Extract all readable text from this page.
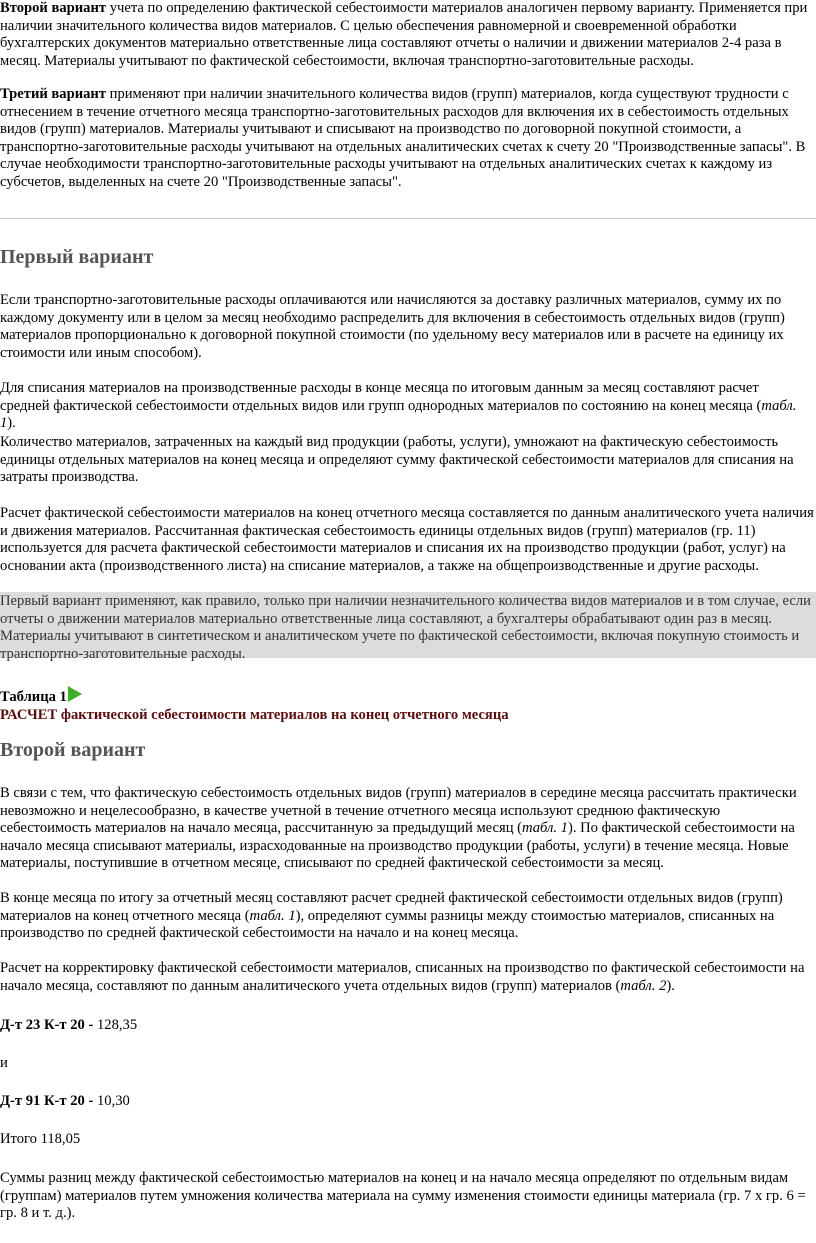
Второй вариант учета по определению фактической себестоимости материалов аналогичен первому варианту. Применяется при наличии значительного количества видов материалов. С целью обеспечения равномерной и своевременной обработки бухгалтерских документов материально ответственные лица составляют отчеты о наличии и движении материалов 2-4 раза в месяц. Материалы учитывают по фактической себестоимости, включая транспортно-заготовительные расходы.

Третий вариант применяют при наличии значительного количества видов (групп) материалов, когда существуют трудности с отнесением в течение отчетного месяца транспортно-заготовительных расходов для включения их в себестоимость отдельных видов (групп) материалов. Материалы учитывают и списывают на производство по договорной покупной стоимости, а транспортно-заготовительные расходы учитывают на отдельных аналитических счетах к счету 20 "Производственные запасы". В случае необходимости транспортно-заготовительные расходы учитывают на отдельных аналитических счетах к каждому из субсчетов, выделенных на счете 20 "Производственные запасы".

Первый вариант

Если транспортно-заготовительные расходы оплачиваются или начисляются за доставку различных материалов, сумму их по каждому документу или в целом за месяц необходимо распределить для включения в себестоимость отдельных видов (групп) материалов пропорционально к договорной покупной стоимости (по удельному весу материалов или в расчете на единицу их стоимости или иным способом).

Для списания материалов на производственные расходы в конце месяца по итоговым данным за месяц составляют расчет средней фактической себестоимости отдельных видов или групп однородных материалов по состоянию на конец месяца (табл. 1).

Количество материалов, затраченных на каждый вид продукции (работы, услуги), умножают на фактическую себестоимость единицы отдельных материалов на конец месяца и определяют сумму фактической себестоимости материалов для списания на затраты производства.

Расчет фактической себестоимости материалов на конец отчетного месяца составляется по данным аналитического учета наличия и движения материалов. Рассчитанная фактическая себестоимость единицы отдельных видов (групп) материалов (гр. 11) используется для расчета фактической себестоимости материалов и списания их на производство продукции (работ, услуг) на основании акта (производственного листа) на списание материалов, а также на общепроизводственные и другие расходы.

Первый вариант применяют, как правило, только при наличии незначительного количества видов материалов и в том случае, если отчеты о движении материалов материально ответственные лица составляют, а бухгалтеры обрабатывают один раз в месяц. Материалы учитывают в синтетическом и аналитическом учете по фактической себестоимости, включая покупную стоимость и транспортно-заготовительные расходы.

Таблица 1
РАСЧЕТ фактической себестоимости материалов на конец отчетного месяца
Второй вариант

В связи с тем, что фактическую себестоимость отдельных видов (групп) материалов в середине месяца рассчитать практически невозможно и нецелесообразно, в качестве учетной в течение отчетного месяца используют среднюю фактическую себестоимость материалов на начало месяца, рассчитанную за предыдущий месяц (табл. 1). По фактической себестоимости на начало месяца списывают материалы, израсходованные на производство продукции (работы, услуги) в течение месяца. Новые материалы, поступившие в отчетном месяце, списывают по средней фактической себестоимости за месяц.

В конце месяца по итогу за отчетный месяц составляют расчет средней фактической себестоимости отдельных видов (групп) материалов на конец отчетного месяца (табл. 1), определяют суммы разницы между стоимостью материалов, списанных на производство по средней фактической себестоимости на начало и на конец месяца.

Расчет на корректировку фактической себестоимости материалов, списанных на производство по фактической себестоимости на начало месяца, составляют по данным аналитического учета отдельных видов (групп) материалов (табл. 2).

Д-т 23 К-т 20 - 128,35

и

Д-т 91 К-т 20 - 10,30

Итого 118,05

Суммы разниц между фактической себестоимостью материалов на конец и на начало месяца определяют по отдельным видам (группам) материалов путем умножения количества материала на сумму изменения стоимости единицы материала (гр. 7 х гр. 6 = гр. 8 и т. д.).
